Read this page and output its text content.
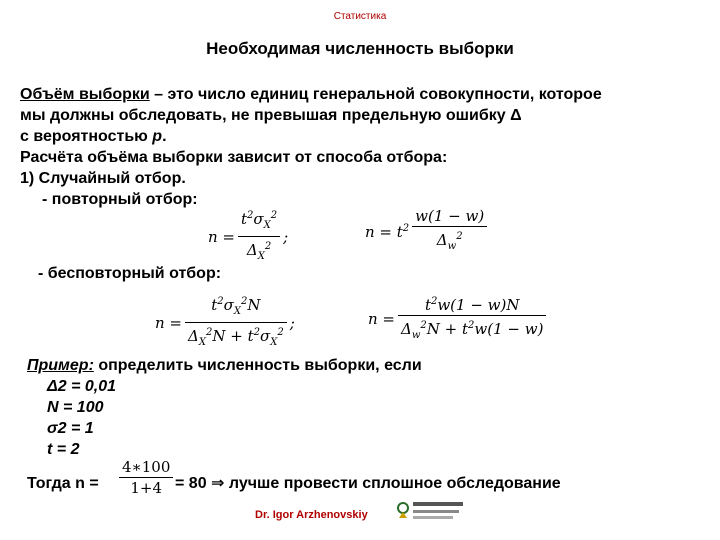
Статистика
Необходимая численность выборки
Объём выборки – это число единиц генеральной совокупности, которое
мы должны обследовать, не превышая предельную ошибку Δ
с вероятностью p.
Расчёта объёма выборки зависит от способа отбора:
1) Случайный отбор.
- повторный отбор:
$n = \frac{t^2\sigma_X^2}{\Delta_X^2}$ ;	$n = t^2 \frac{w(1 - w)}{\Delta_w^2}$
- бесповторный отбор:
$n = \frac{t^2\sigma_X^2N}{\Delta_X^2N + t^2\sigma_X^2}$ ;	$n = \frac{t^2w(1 - w)N}{\Delta_w^2N + t^2w(1 - w)}$
Пример: определить численность выборки, если
Δ2 = 0,01
N = 100
σ2 = 1
t = 2
Тогда $n = \frac{4∗100}{1+4} = 80$ ⇒ лучше провести сплошное обследование
Dr. Igor Arzhenovskiy
